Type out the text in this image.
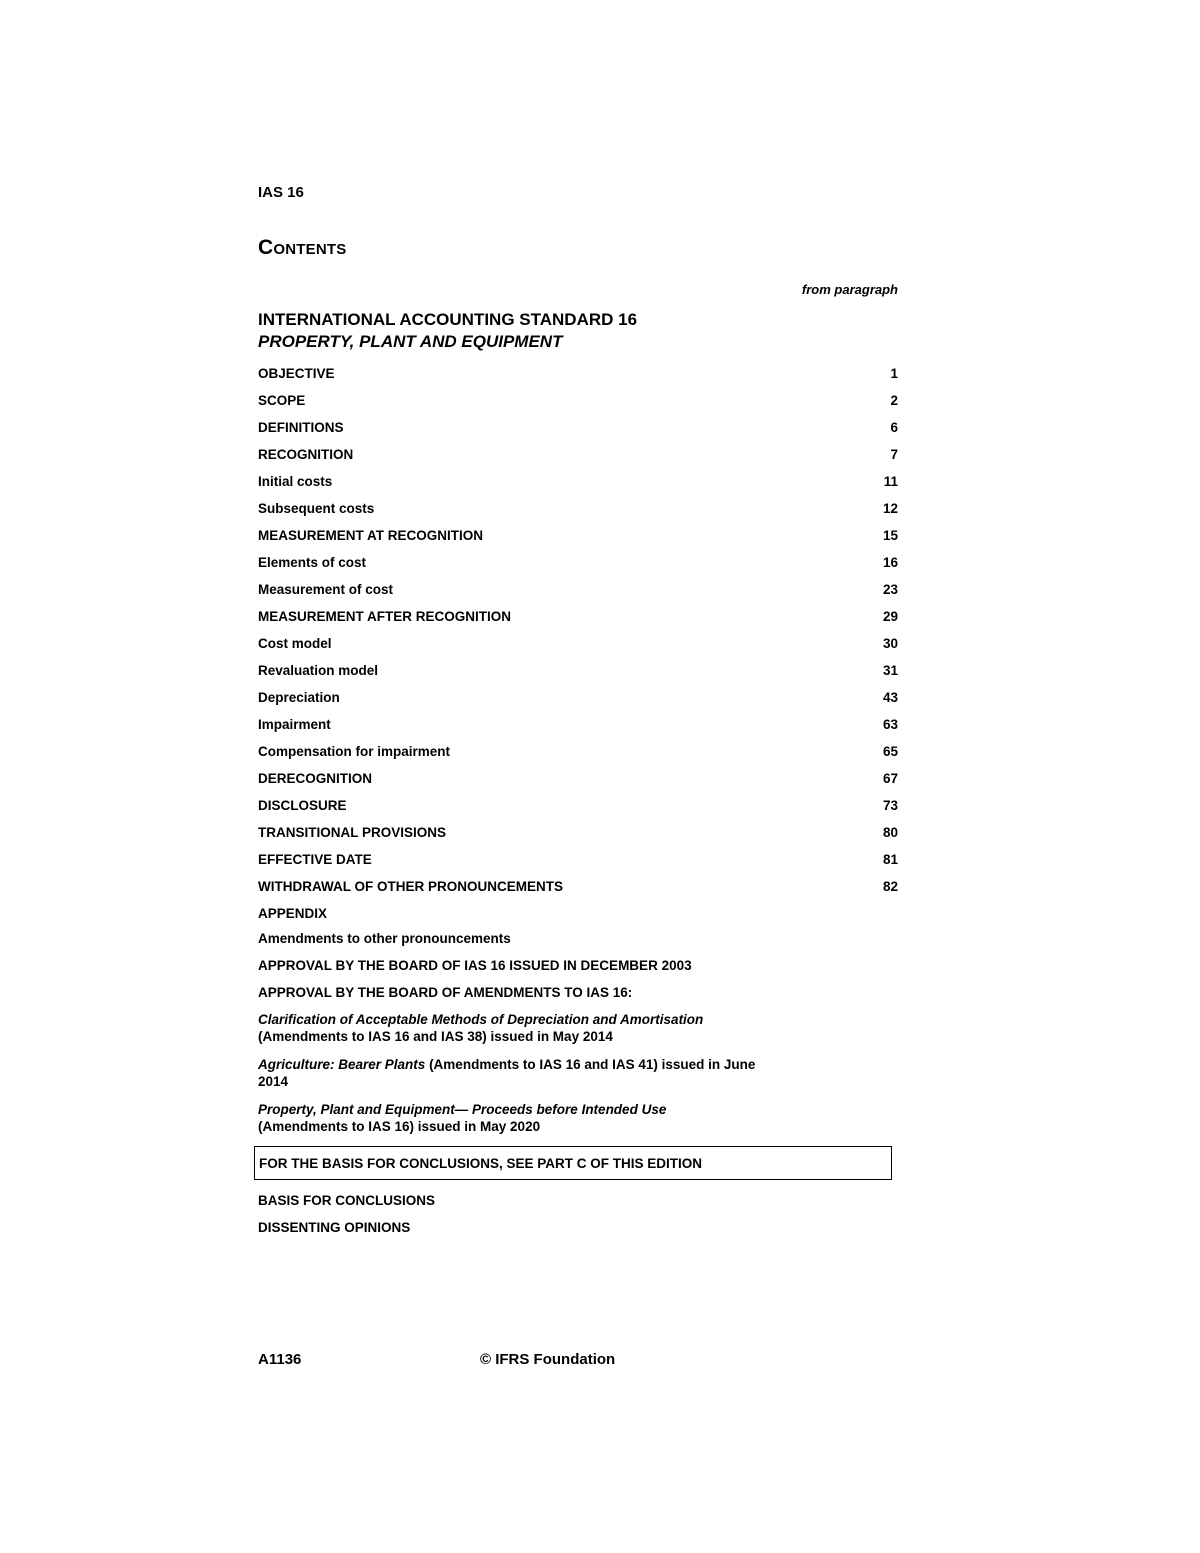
IAS 16
Contents
from paragraph
INTERNATIONAL ACCOUNTING STANDARD 16
PROPERTY, PLANT AND EQUIPMENT
OBJECTIVE	1
SCOPE	2
DEFINITIONS	6
RECOGNITION	7
Initial costs	11
Subsequent costs	12
MEASUREMENT AT RECOGNITION	15
Elements of cost	16
Measurement of cost	23
MEASUREMENT AFTER RECOGNITION	29
Cost model	30
Revaluation model	31
Depreciation	43
Impairment	63
Compensation for impairment	65
DERECOGNITION	67
DISCLOSURE	73
TRANSITIONAL PROVISIONS	80
EFFECTIVE DATE	81
WITHDRAWAL OF OTHER PRONOUNCEMENTS	82
APPENDIX
Amendments to other pronouncements
APPROVAL BY THE BOARD OF IAS 16 ISSUED IN DECEMBER 2003
APPROVAL BY THE BOARD OF AMENDMENTS TO IAS 16:
Clarification of Acceptable Methods of Depreciation and Amortisation
(Amendments to IAS 16 and IAS 38) issued in May 2014
Agriculture: Bearer Plants (Amendments to IAS 16 and IAS 41) issued in June 2014
Property, Plant and Equipment— Proceeds before Intended Use
(Amendments to IAS 16) issued in May 2020
FOR THE BASIS FOR CONCLUSIONS, SEE PART C OF THIS EDITION
BASIS FOR CONCLUSIONS
DISSENTING OPINIONS
A1136	© IFRS Foundation
